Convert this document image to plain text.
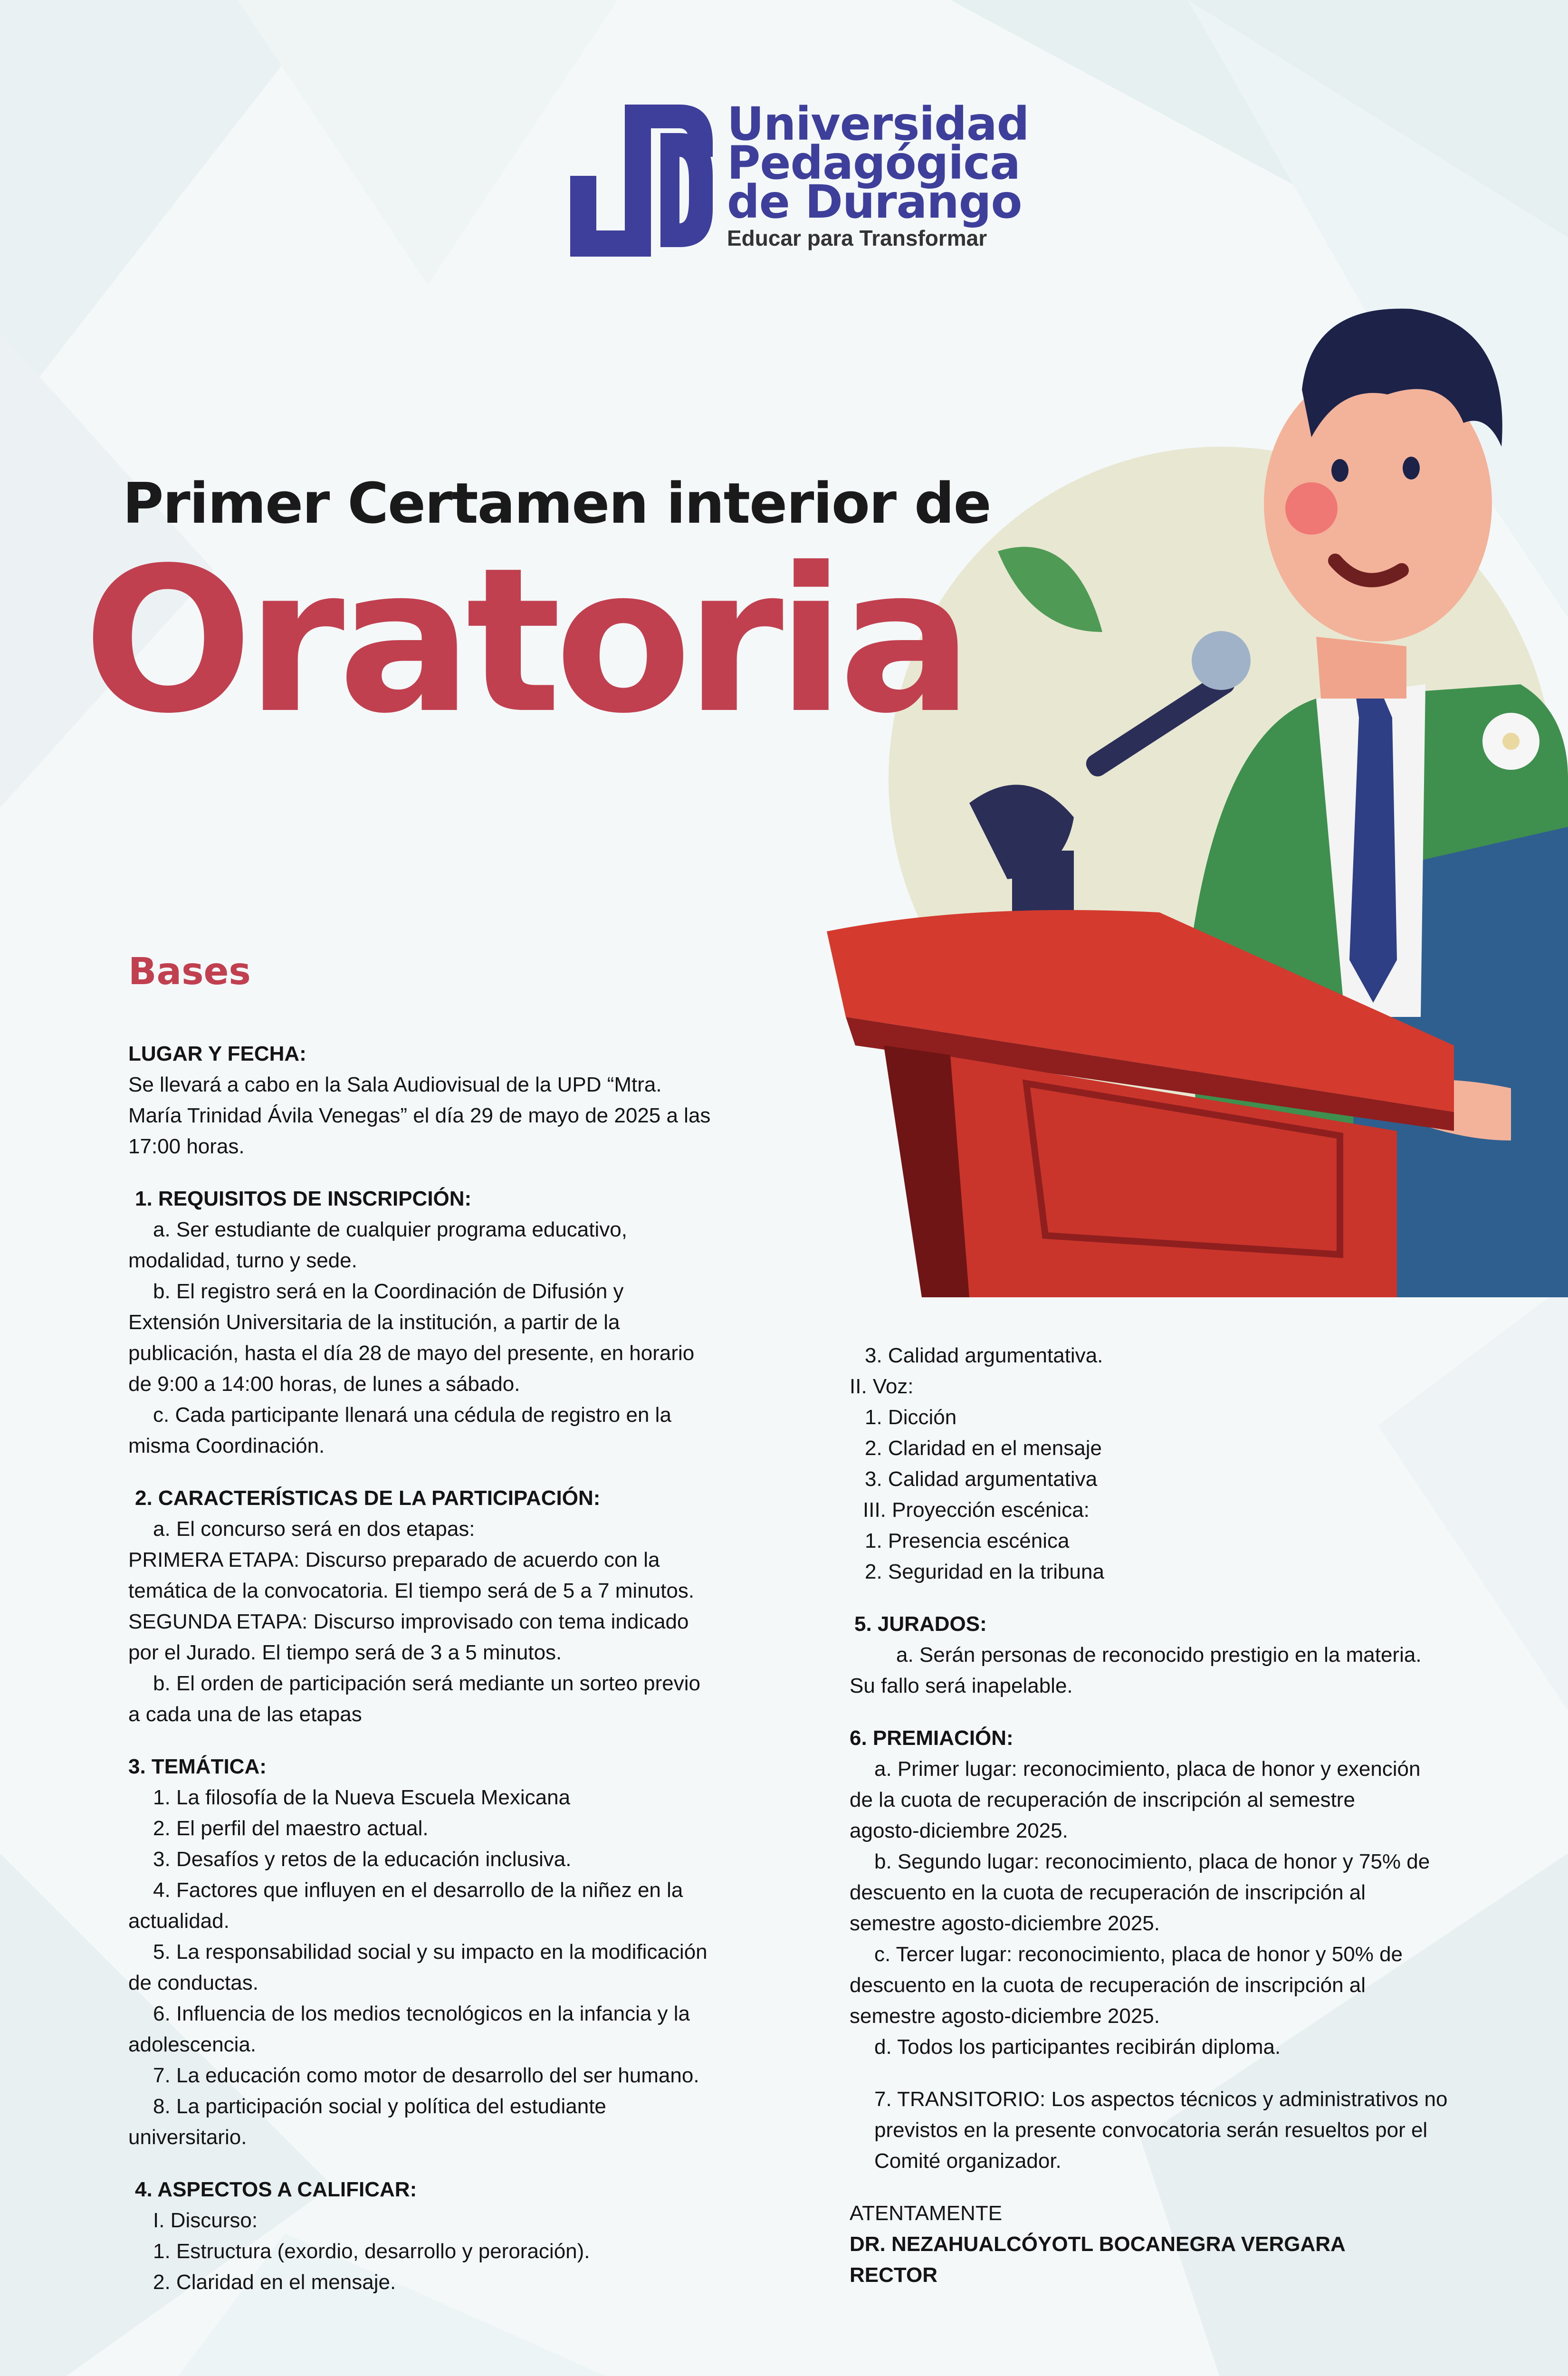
Universidad
Pedagógica
de Durango
Educar para Transformar
Primer Certamen interior de
Oratoria
Bases

LUGAR Y FECHA:

Se llevará a cabo en la Sala Audiovisual de la UPD “Mtra.

María Trinidad Ávila Venegas” el día 29 de mayo de 2025 a las

17:00 horas.

1. REQUISITOS DE INSCRIPCIÓN:

a. Ser estudiante de cualquier programa educativo,

modalidad, turno y sede.

b. El registro será en la Coordinación de Difusión y

Extensión Universitaria de la institución, a partir de la

publicación, hasta el día 28 de mayo del presente, en horario

de 9:00 a 14:00 horas, de lunes a sábado.

c. Cada participante llenará una cédula de registro en la

misma Coordinación.

2. CARACTERÍSTICAS DE LA PARTICIPACIÓN:

a. El concurso será en dos etapas:

PRIMERA ETAPA: Discurso preparado de acuerdo con la

temática de la convocatoria. El tiempo será de 5 a 7 minutos.

SEGUNDA ETAPA: Discurso improvisado con tema indicado

por el Jurado. El tiempo será de 3 a 5 minutos.

b. El orden de participación será mediante un sorteo previo

a cada una de las etapas

3. TEMÁTICA:

1. La filosofía de la Nueva Escuela Mexicana

2. El perfil del maestro actual.

3. Desafíos y retos de la educación inclusiva.

4. Factores que influyen en el desarrollo de la niñez en la

actualidad.

5. La responsabilidad social y su impacto en la modificación

de conductas.

6. Influencia de los medios tecnológicos en la infancia y la

adolescencia.

7. La educación como motor de desarrollo del ser humano.

8. La participación social y política del estudiante

universitario.

4. ASPECTOS A CALIFICAR:

I. Discurso:

1. Estructura (exordio, desarrollo y peroración).

2. Claridad en el mensaje.

3. Calidad argumentativa.

II. Voz:

1. Dicción

2. Claridad en el mensaje

3. Calidad argumentativa

III. Proyección escénica:

1. Presencia escénica

2. Seguridad en la tribuna

5. JURADOS:

a. Serán personas de reconocido prestigio en la materia.

Su fallo será inapelable.

6. PREMIACIÓN:

a. Primer lugar: reconocimiento, placa de honor y exención

de la cuota de recuperación de inscripción al semestre

agosto-diciembre 2025.

b. Segundo lugar: reconocimiento, placa de honor y 75% de

descuento en la cuota de recuperación de inscripción al

semestre agosto-diciembre 2025.

c. Tercer lugar: reconocimiento, placa de honor y 50% de

descuento en la cuota de recuperación de inscripción al

semestre agosto-diciembre 2025.

d. Todos los participantes recibirán diploma.

7. TRANSITORIO: Los aspectos técnicos y administrativos no

previstos en la presente convocatoria serán resueltos por el

Comité organizador.

ATENTAMENTE

DR. NEZAHUALCÓYOTL BOCANEGRA VERGARA

RECTOR
